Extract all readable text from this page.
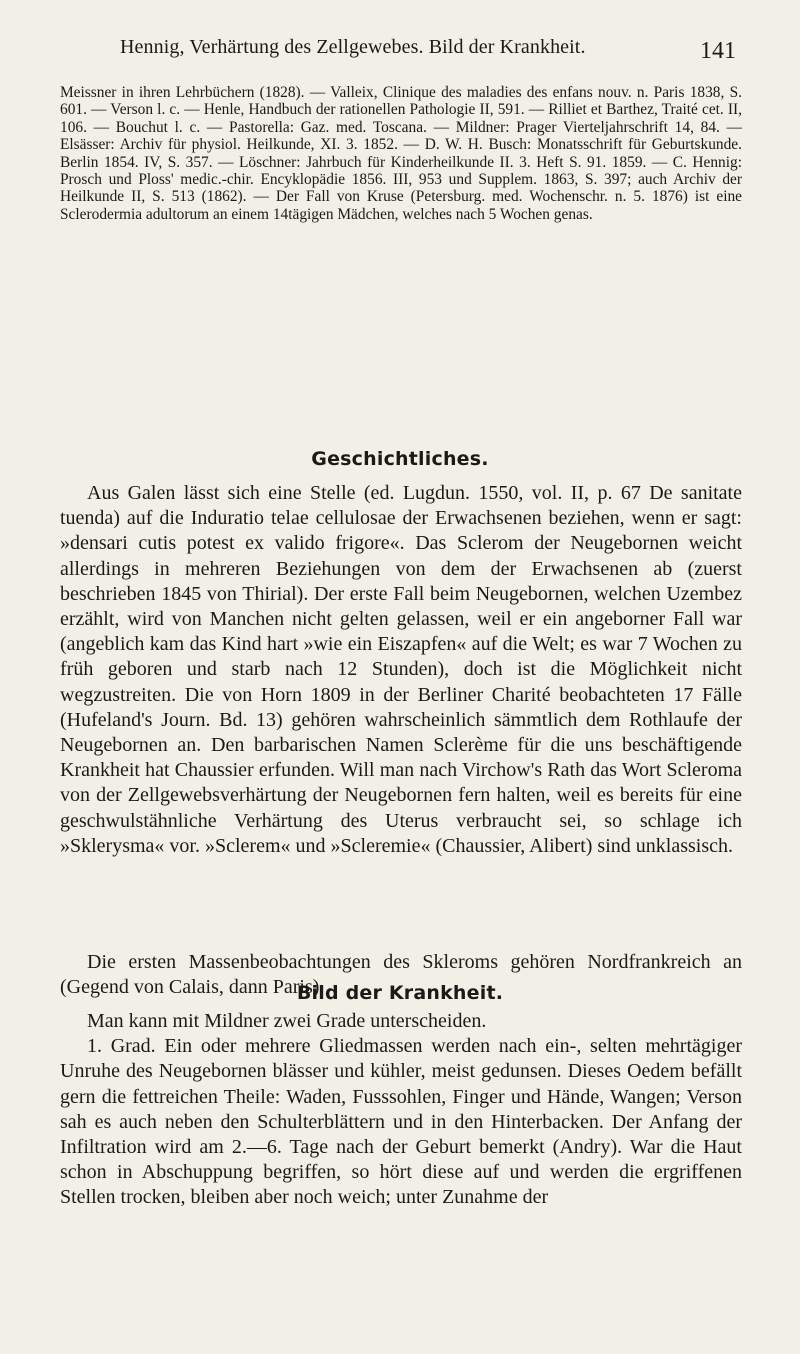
Hennig, Verhärtung des Zellgewebes. Bild der Krankheit.	141

Meissner in ihren Lehrbüchern (1828). — Valleix, Clinique des maladies des enfans nouv. n. Paris 1838, S. 601. — Verson l. c. — Henle, Handbuch der rationellen Pathologie II, 591. — Rilliet et Barthez, Traité cet. II, 106. — Bouchut l. c. — Pastorella: Gaz. med. Toscana. — Mildner: Prager Vierteljahrschrift 14, 84. — Elsässer: Archiv für physiol. Heilkunde, XI. 3. 1852. — D. W. H. Busch: Monatsschrift für Geburtskunde. Berlin 1854. IV, S. 357. — Löschner: Jahrbuch für Kinderheilkunde II. 3. Heft S. 91. 1859. — C. Hennig: Prosch und Ploss' medic.-chir. Encyklopädie 1856. III, 953 und Supplem. 1863, S. 397; auch Archiv der Heilkunde II, S. 513 (1862). — Der Fall von Kruse (Petersburg. med. Wochenschr. n. 5. 1876) ist eine Sclerodermia adultorum an einem 14tägigen Mädchen, welches nach 5 Wochen genas.

Geschichtliches.

Aus Galen lässt sich eine Stelle (ed. Lugdun. 1550, vol. II, p. 67 De sanitate tuenda) auf die Induratio telae cellulosae der Erwachsenen beziehen, wenn er sagt: »densari cutis potest ex valido frigore«. Das Sclerom der Neugebornen weicht allerdings in mehreren Beziehungen von dem der Erwachsenen ab (zuerst beschrieben 1845 von Thirial). Der erste Fall beim Neugebornen, welchen Uzembez erzählt, wird von Manchen nicht gelten gelassen, weil er ein angeborner Fall war (angeblich kam das Kind hart »wie ein Eiszapfen« auf die Welt; es war 7 Wochen zu früh geboren und starb nach 12 Stunden), doch ist die Möglichkeit nicht wegzustreiten. Die von Horn 1809 in der Berliner Charité beobachteten 17 Fälle (Hufeland's Journ. Bd. 13) gehören wahrscheinlich sämmtlich dem Rothlaufe der Neugebornen an. Den barbarischen Namen Sclerème für die uns beschäftigende Krankheit hat Chaussier erfunden. Will man nach Virchow's Rath das Wort Scleroma von der Zellgewebsverhärtung der Neugebornen fern halten, weil es bereits für eine geschwulstähnliche Verhärtung des Uterus verbraucht sei, so schlage ich »Sklerysma« vor. »Sclerem« und »Scleremie« (Chaussier, Alibert) sind unklassisch.

Die ersten Massenbeobachtungen des Skleroms gehören Nordfrankreich an (Gegend von Calais, dann Paris).

Bild der Krankheit.

Man kann mit Mildner zwei Grade unterscheiden.

1. Grad. Ein oder mehrere Gliedmassen werden nach ein-, selten mehrtägiger Unruhe des Neugebornen blässer und kühler, meist gedunsen. Dieses Oedem befällt gern die fettreichen Theile: Waden, Fusssohlen, Finger und Hände, Wangen; Verson sah es auch neben den Schulterblättern und in den Hinterbacken. Der Anfang der Infiltration wird am 2.—6. Tage nach der Geburt bemerkt (Andry). War die Haut schon in Abschuppung begriffen, so hört diese auf und werden die ergriffenen Stellen trocken, bleiben aber noch weich; unter Zunahme der
